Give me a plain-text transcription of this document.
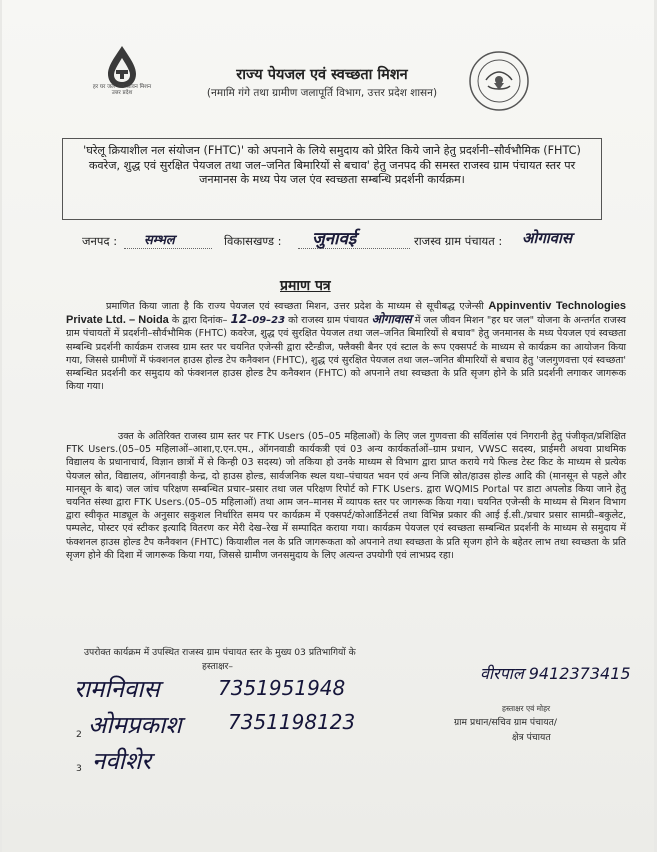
हर घर जल जल जीवन मिशन उत्तर प्रदेश
राज्य पेयजल एवं स्वच्छता मिशन
(नमामि गंगे तथा ग्रामीण जलापूर्ति विभाग, उत्तर प्रदेश शासन)
'घरेलू क्रियाशील नल संयोजन (FHTC)' को अपनाने के लिये समुदाय को प्रेरित किये जाने हेतु प्रदर्शनी–सौर्वभौमिक (FHTC) कवरेज, शुद्ध एवं सुरक्षित पेयजल तथा जल–जनित बिमारियों से बचाव' हेतु जनपद की समस्त राजस्व ग्राम पंचायत स्तर पर जनमानस के मध्य पेय जल एंव स्वच्छता सम्बन्धि प्रदर्शनी कार्यक्रम।
जनपद : सम्भल	विकासखण्ड : जुनावई	राजस्व ग्राम पंचायत : ओगावास
प्रमाण पत्र
प्रमाणित किया जाता है कि राज्य पेयजल एवं स्वच्छता मिशन, उत्तर प्रदेश के माध्यम से सूचीबद्ध एजेन्सी Appinventiv Technologies Private Ltd. – Noida के द्वारा दिनांक– 12–09–23 को राजस्व ग्राम पंचायत ओगावास में जल जीवन मिशन "हर घर जल" योजना के अन्तर्गत राजस्व ग्राम पंचायतों में प्रदर्शनी–सौर्वभौमिक (FHTC) कवरेज, शुद्ध एवं सुरक्षित पेयजल तथा जल–जनित बिमारियों से बचाव" हेतु जनमानस के मध्य पेयजल एवं स्वच्छता सम्बन्धि प्रदर्शनी कार्यक्रम राजस्व ग्राम स्तर पर चयनित एजेन्सी द्वारा स्टैन्डीज, फ्लैक्सी बैनर एवं स्टाल के रूप एक्सपर्ट के माध्यम से कार्यक्रम का आयोजन किया गया, जिससे ग्रामीणों में फंक्शनल हाउस होल्ड टेप कनैक्शन (FHTC), शुद्ध एवं सुरक्षित पेयजल तथा जल–जनित बीमारियों से बचाव हेतु 'जलगुणवत्ता एवं स्वच्छता' सम्बन्धित प्रदर्शनी कर समुदाय को फंक्शनल हाउस होल्ड टैप कनैक्शन (FHTC) को अपनाने तथा स्वच्छता के प्रति सृजग होने के प्रति प्रदर्शनी लगाकर जागरूक किया गया।
उक्त के अतिरिक्त राजस्व ग्राम स्तर पर FTK Users (05–05 महिलाओं) के लिए जल गुणवत्ता की सर्विलांस एवं निगरानी हेतु पंजीकृत/प्रशिक्षित FTK Users.(05–05 महिलाओं–आशा,ए.एन.एम., ऑगनवाडी कार्यकत्री एवं 03 अन्य कार्यकर्ताओं–ग्राम प्रधान, VWSC सदस्य, प्राईमरी अथवा प्राथमिक विद्यालय के प्रधानाचार्य, विज्ञान छात्रों में से किन्ही 03 सदस्य) जो तकिया हो उनके माध्यम से विभाग द्वारा प्राप्त कराये गये फिल्ड टेस्ट किट के माध्यम से प्रत्येक पेयजल स्रोत, विद्यालय, ऑगनवाड़ी केन्द्र, दो हाउस होल्ड, सार्वजनिक स्थल यथा–पंचायत भवन एवं अन्य निजि स्रोत/हाउस होल्ड आदि की (मानसून से पहले और मानसून के बाद) जल जांच परिक्षण सम्बन्धित प्रचार–प्रसार तथा जल परिक्षण रिपोर्ट को FTK Users. द्वारा WQMIS Portal पर डाटा अपलोड किया जाने हेतु चयनित संस्था द्वारा FTK Users.(05–05 महिलाओं) तथा आम जन–मानस में व्यापक स्तर पर जागरूक किया गया। चयनित एजेन्सी के माध्यम से मिशन विभाग द्वारा स्वीकृत माड्यूल के अनुसार सकुशल निर्धारित समय पर कार्यक्रम में एक्सपर्ट/कोआर्डिनेटर्स तथा विभिन्न प्रकार की आई ई.सी./प्रचार प्रसार सामग्री–बकुलेट, पम्पलेट, पोस्टर एवं स्टीकर इत्यादि वितरण कर मेरी देख–रेख में सम्पादित कराया गया। कार्यक्रम पेयजल एवं स्वच्छता सम्बन्धित प्रदर्शनी के माध्यम से समुदाय में फंक्शनल हाउस होल्ड टैप कनैक्शन (FHTC) कियाशील नल के प्रति जागरूकता को अपनाने तथा स्वच्छता के प्रति सृजग होने के बहेतर लाभ तथा स्वच्छता के प्रति सृजग होने की दिशा में जागरूक किया गया, जिससे ग्रामीण जनसमुदाय के लिए अत्यन्त उपयोगी एवं लाभप्रद रहा।
उपरोक्त कार्यक्रम में उपस्थित राजस्व ग्राम पंचायत स्तर के मुख्य 03 प्रतिभागियों के
हस्ताक्षर–
रामनिवास	7351951948
2 ओमप्रकाश 7351198123
3 नवीशेर
वीरपाल 9412373415
हस्ताक्षर एवं मोहर
ग्राम प्रधान/सचिव ग्राम पंचायत/
क्षेत्र पंचायत
